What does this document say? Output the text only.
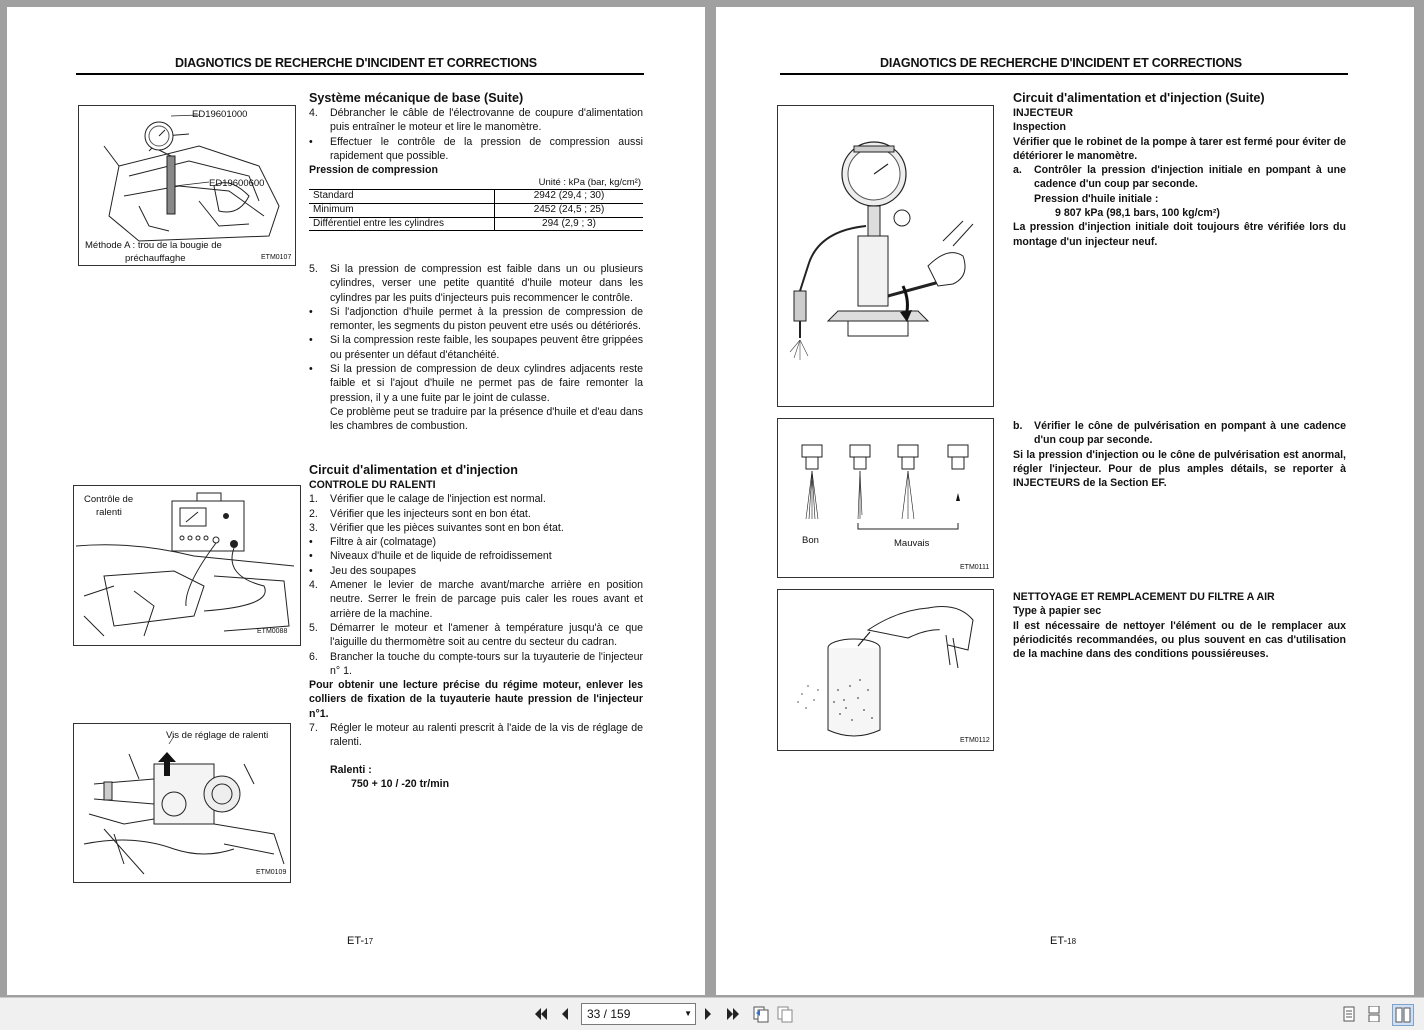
DIAGNOTICS DE RECHERCHE D'INCIDENT ET CORRECTIONS
ED19601000
ED19600600
Méthode A : trou de la bougie de
préchauffaghe	ETM0107
Contrôle de
ralenti
ETM0088
Vis de réglage de ralenti
ETM0109
Système mécanique de base (Suite)
4. Débrancher le câble de l'électrovanne de coupure d'alimentation puis entraîner le moteur et lire le manomètre.
• Effectuer le contrôle de la pression de compression aussi rapidement que possible.
Pression de compression
Unité : kPa (bar, kg/cm²)
Standard	2942 (29,4 ; 30)
Minimum	2452 (24,5 ; 25)
Différentiel entre les cylindres	294 (2,9 ; 3)
5. Si la pression de compression est faible dans un ou plusieurs cylindres, verser une petite quantité d'huile moteur dans les cylindres par les puits d'injecteurs puis recommencer le contrôle.
• Si l'adjonction d'huile permet à la pression de compression de remonter, les segments du piston peuvent etre usés ou détériorés.
• Si la compression reste faible, les soupapes peuvent être grippées ou présenter un défaut d'étanchéité.
• Si la pression de compression de deux cylindres adjacents reste faible et si l'ajout d'huile ne permet pas de faire remonter la pression, il y a une fuite par le joint de culasse.
Ce problème peut se traduire par la présence d'huile et d'eau dans les chambres de combustion.
Circuit d'alimentation et d'injection
CONTROLE DU RALENTI
1. Vérifier que le calage de l'injection est normal.
2. Vérifier que les injecteurs sont en bon état.
3. Vérifier que les pièces suivantes sont en bon état.
• Filtre à air (colmatage)
• Niveaux d'huile et de liquide de refroidissement
• Jeu des soupapes
4. Amener le levier de marche avant/marche arrière en position neutre. Serrer le frein de parcage puis caler les roues avant et arrière de la machine.
5. Démarrer le moteur et l'amener à température jusqu'à ce que l'aiguille du thermomètre soit au centre du secteur du cadran.
6. Brancher la touche du compte-tours sur la tuyauterie de l'injecteur n° 1.
Pour obtenir une lecture précise du régime moteur, enlever les colliers de fixation de la tuyauterie haute pression de l'injecteur n°1.
7. Régler le moteur au ralenti prescrit à l'aide de la vis de réglage de ralenti.
Ralenti :
750 + 10 / -20 tr/min
ET-17
DIAGNOTICS DE RECHERCHE D'INCIDENT ET CORRECTIONS
Bon	Mauvais
ETM0111
ETM0112
Circuit d'alimentation et d'injection (Suite)
INJECTEUR
Inspection
Vérifier que le robinet de la pompe à tarer est fermé pour éviter de détériorer le manomètre.
a. Contrôler la pression d'injection initiale en pompant à une cadence d'un coup par seconde.
Pression d'huile initiale :
9 807 kPa (98,1 bars, 100 kg/cm²)
La pression d'injection initiale doit toujours être vérifiée lors du montage d'un injecteur neuf.
b. Vérifier le cône de pulvérisation en pompant à une cadence d'un coup par seconde.
Si la pression d'injection ou le cône de pulvérisation est anormal, régler l'injecteur. Pour de plus amples détails, se reporter à INJECTEURS de la Section EF.
NETTOYAGE ET REMPLACEMENT DU FILTRE A AIR
Type à papier sec
Il est nécessaire de nettoyer l'élément ou de le remplacer aux périodicités recommandées, ou plus souvent en cas d'utilisation de la machine dans des conditions poussiéreuses.
ET-18
33 / 159	▼
